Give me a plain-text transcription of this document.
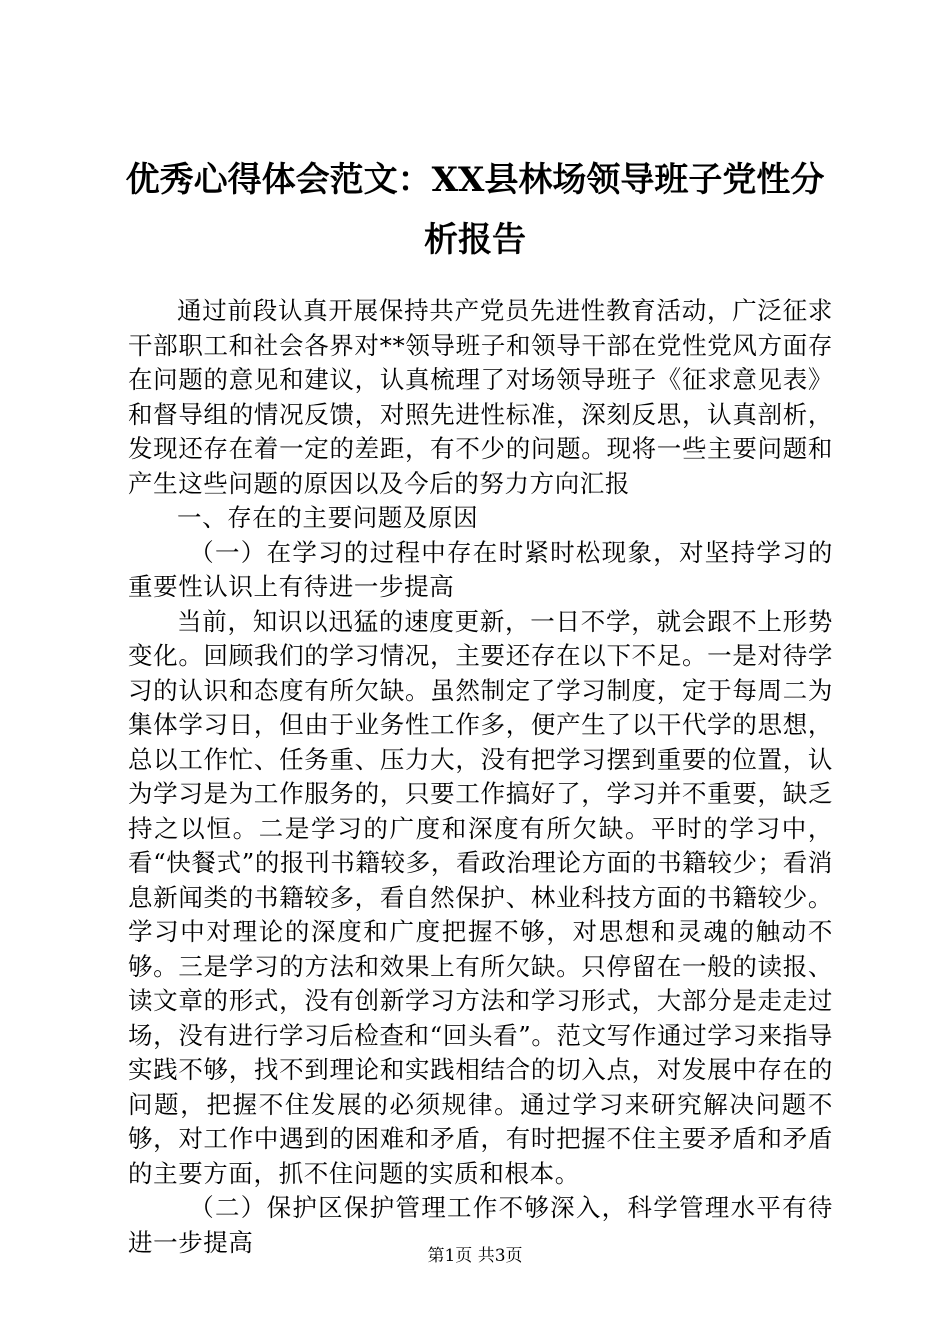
优秀心得体会范文：XX县林场领导班子党性分析报告

通过前段认真开展保持共产党员先进性教育活动，广泛征求干部职工和社会各界对**领导班子和领导干部在党性党风方面存在问题的意见和建议，认真梳理了对场领导班子《征求意见表》和督导组的情况反馈，对照先进性标准，深刻反思，认真剖析，发现还存在着一定的差距，有不少的问题。现将一些主要问题和产生这些问题的原因以及今后的努力方向汇报

一、存在的主要问题及原因

（一）在学习的过程中存在时紧时松现象，对坚持学习的重要性认识上有待进一步提高

当前，知识以迅猛的速度更新，一日不学，就会跟不上形势变化。回顾我们的学习情况，主要还存在以下不足。一是对待学习的认识和态度有所欠缺。虽然制定了学习制度，定于每周二为集体学习日，但由于业务性工作多，便产生了以干代学的思想，总以工作忙、任务重、压力大，没有把学习摆到重要的位置，认为学习是为工作服务的，只要工作搞好了，学习并不重要，缺乏持之以恒。二是学习的广度和深度有所欠缺。平时的学习中，看“快餐式”的报刊书籍较多，看政治理论方面的书籍较少；看消息新闻类的书籍较多，看自然保护、林业科技方面的书籍较少。学习中对理论的深度和广度把握不够，对思想和灵魂的触动不够。三是学习的方法和效果上有所欠缺。只停留在一般的读报、读文章的形式，没有创新学习方法和学习形式，大部分是走走过场，没有进行学习后检查和“回头看”。范文写作通过学习来指导实践不够，找不到理论和实践相结合的切入点，对发展中存在的问题，把握不住发展的必须规律。通过学习来研究解决问题不够，对工作中遇到的困难和矛盾，有时把握不住主要矛盾和矛盾的主要方面，抓不住问题的实质和根本。

（二）保护区保护管理工作不够深入，科学管理水平有待进一步提高	第1页 共3页
